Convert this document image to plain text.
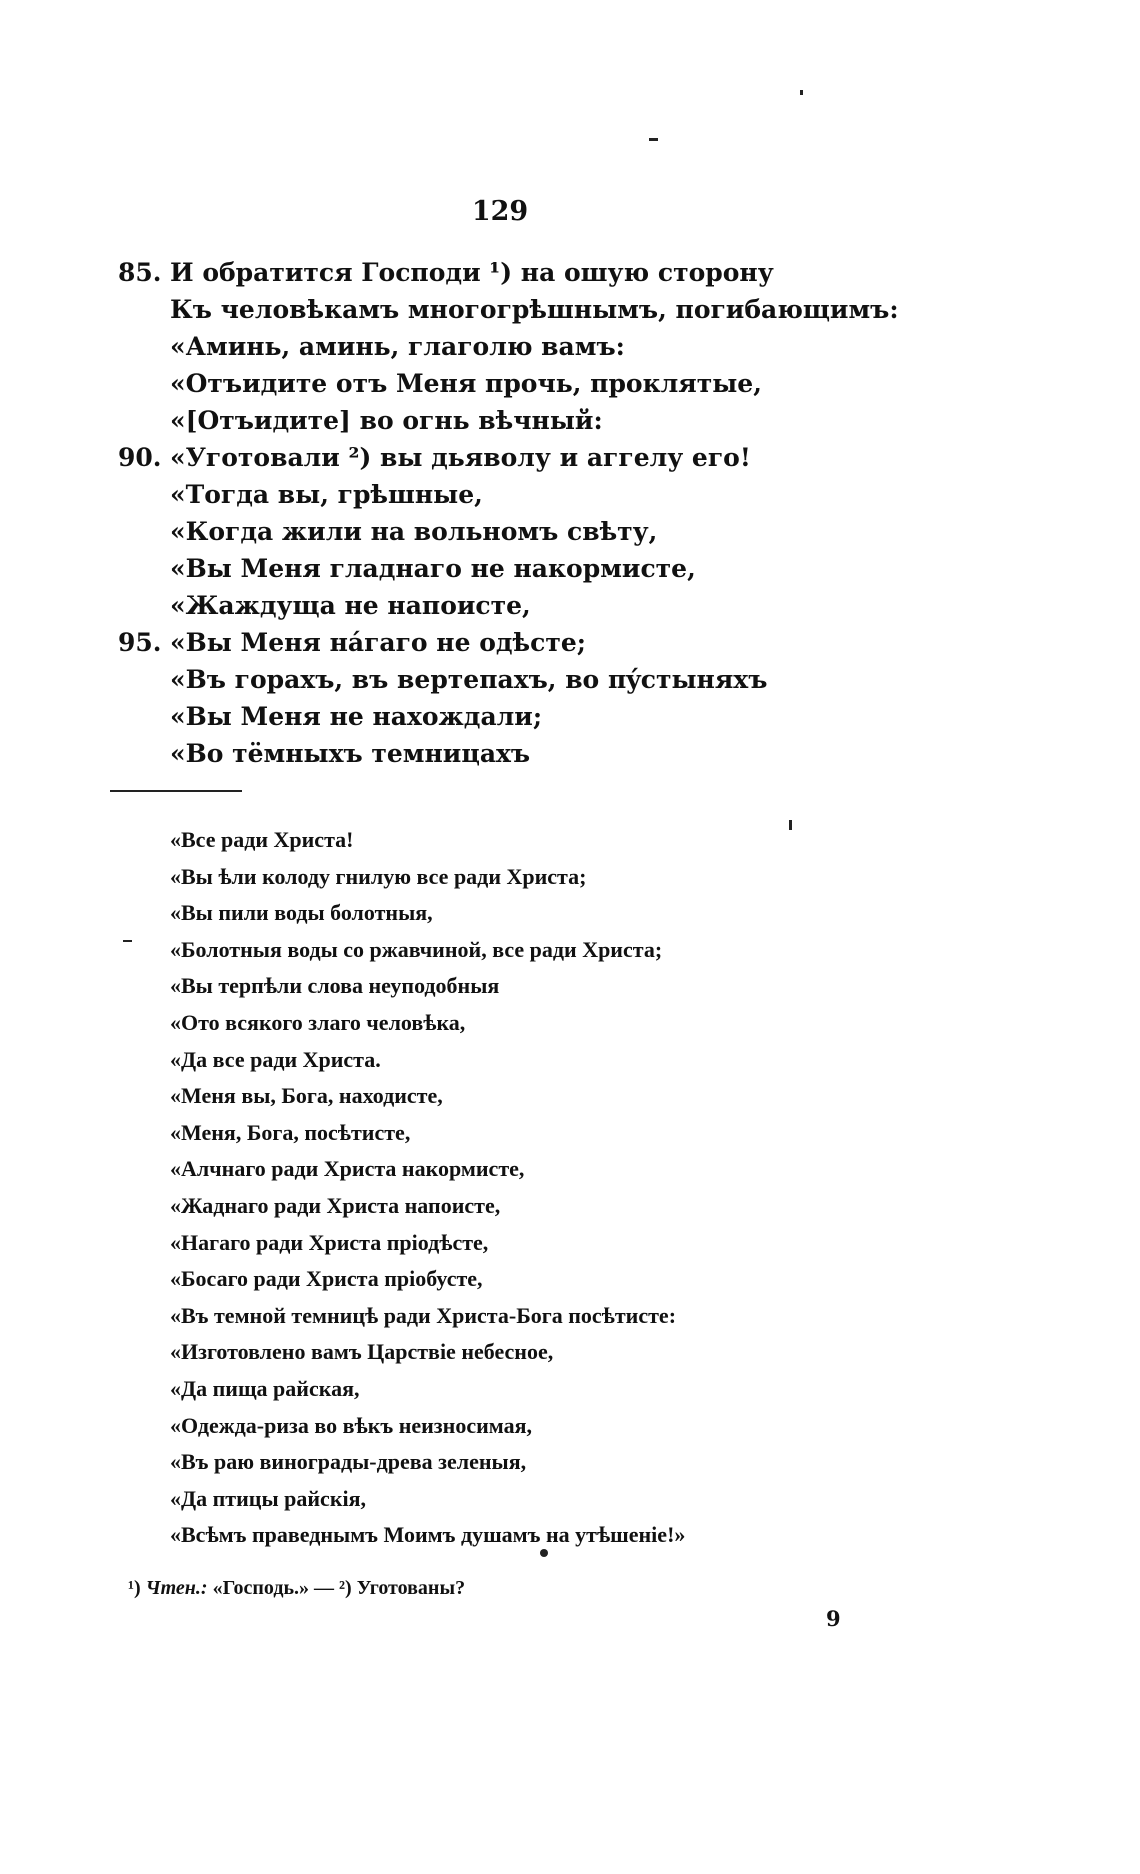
129
85. И обратится Господи ¹) на ошую сторону
Къ человѣкамъ многогрѣшнымъ, погибающимъ:
«Аминь, аминь, глаголю вамъ:
«Отъидите отъ Меня прочь, проклятые,
«[Отъидите] во огнь вѣчный:
90. «Уготовали ²) вы дьяволу и аггелу его!
«Тогда вы, грѣшные,
«Когда жили на вольномъ свѣту,
«Вы Меня гладнаго не накормисте,
«Жаждуща не напоисте,
95. «Вы Меня нáгаго не одѣсте;
«Въ горахъ, въ вертепахъ, во пýстыняхъ
«Вы Меня не нахождали;
«Во тёмныхъ темницахъ
«Все ради Христа!
«Вы ѣли колоду гнилую все ради Христа;
«Вы пили воды болотныя,
«Болотныя воды со ржавчиной, все ради Христа;
«Вы терпѣли слова неуподобныя
«Ото всякого злаго человѣка,
«Да все ради Христа.
«Меня вы, Бога, находисте,
«Меня, Бога, посѣтисте,
«Алчнаго ради Христа накормисте,
«Жаднаго ради Христа напоисте,
«Нагаго ради Христа пріодѣсте,
«Босаго ради Христа пріобусте,
«Въ темной темницѣ ради Христа-Бога посѣтисте:
«Изготовлено вамъ Царствіе небесное,
«Да пища райская,
«Одежда-риза во вѣкъ неизносимая,
«Въ раю винограды-древа зеленыя,
«Да птицы райскія,
«Всѣмъ праведнымъ Моимъ душамъ на утѣшеніе!»
¹) Чтен.: «Господь.» — ²) Уготованы?
9
